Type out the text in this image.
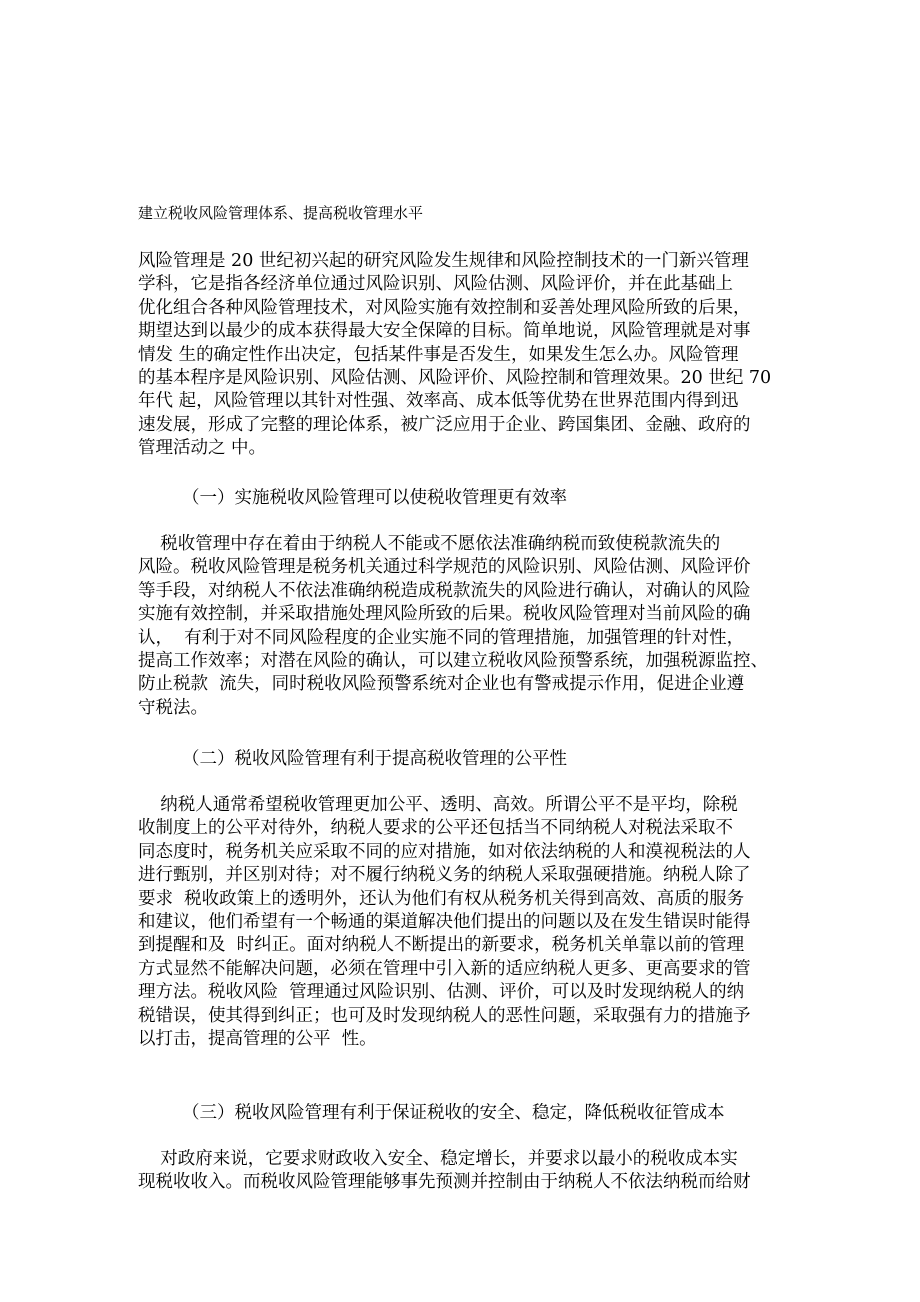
建立税收风险管理体系、提高税收管理水平
风险管理是 20 世纪初兴起的研究风险发生规律和风险控制技术的一门新兴管理
学科，它是指各经济单位通过风险识别、风险估测、风险评价，并在此基础上
优化组合各种风险管理技术，对风险实施有效控制和妥善处理风险所致的后果，
期望达到以最少的成本获得最大安全保障的目标。简单地说，风险管理就是对事
情发 生的确定性作出决定，包括某件事是否发生，如果发生怎么办。风险管理
的基本程序是风险识别、风险估测、风险评价、风险控制和管理效果。20 世纪 70
年代 起，风险管理以其针对性强、效率高、成本低等优势在世界范围内得到迅
速发展，形成了完整的理论体系，被广泛应用于企业、跨国集团、金融、政府的
管理活动之 中。
（一）实施税收风险管理可以使税收管理更有效率
税收管理中存在着由于纳税人不能或不愿依法准确纳税而致使税款流失的
风险。税收风险管理是税务机关通过科学规范的风险识别、风险估测、风险评价
等手段，对纳税人不依法准确纳税造成税款流失的风险进行确认，对确认的风险
实施有效控制，并采取措施处理风险所致的后果。税收风险管理对当前风险的确
认，  有利于对不同风险程度的企业实施不同的管理措施，加强管理的针对性，
提高工作效率；对潜在风险的确认，可以建立税收风险预警系统，加强税源监控、
防止税款  流失，同时税收风险预警系统对企业也有警戒提示作用，促进企业遵
守税法。
（二）税收风险管理有利于提高税收管理的公平性
纳税人通常希望税收管理更加公平、透明、高效。所谓公平不是平均，除税
收制度上的公平对待外，纳税人要求的公平还包括当不同纳税人对税法采取不
同态度时，税务机关应采取不同的应对措施，如对依法纳税的人和漠视税法的人
进行甄别，并区别对待；对不履行纳税义务的纳税人采取强硬措施。纳税人除了
要求  税收政策上的透明外，还认为他们有权从税务机关得到高效、高质的服务
和建议，他们希望有一个畅通的渠道解决他们提出的问题以及在发生错误时能得
到提醒和及  时纠正。面对纳税人不断提出的新要求，税务机关单靠以前的管理
方式显然不能解决问题，必须在管理中引入新的适应纳税人更多、更高要求的管
理方法。税收风险  管理通过风险识别、估测、评价，可以及时发现纳税人的纳
税错误，使其得到纠正；也可及时发现纳税人的恶性问题，采取强有力的措施予
以打击，提高管理的公平  性。
（三）税收风险管理有利于保证税收的安全、稳定，降低税收征管成本
对政府来说，它要求财政收入安全、稳定增长，并要求以最小的税收成本实
现税收收入。而税收风险管理能够事先预测并控制由于纳税人不依法纳税而给财
